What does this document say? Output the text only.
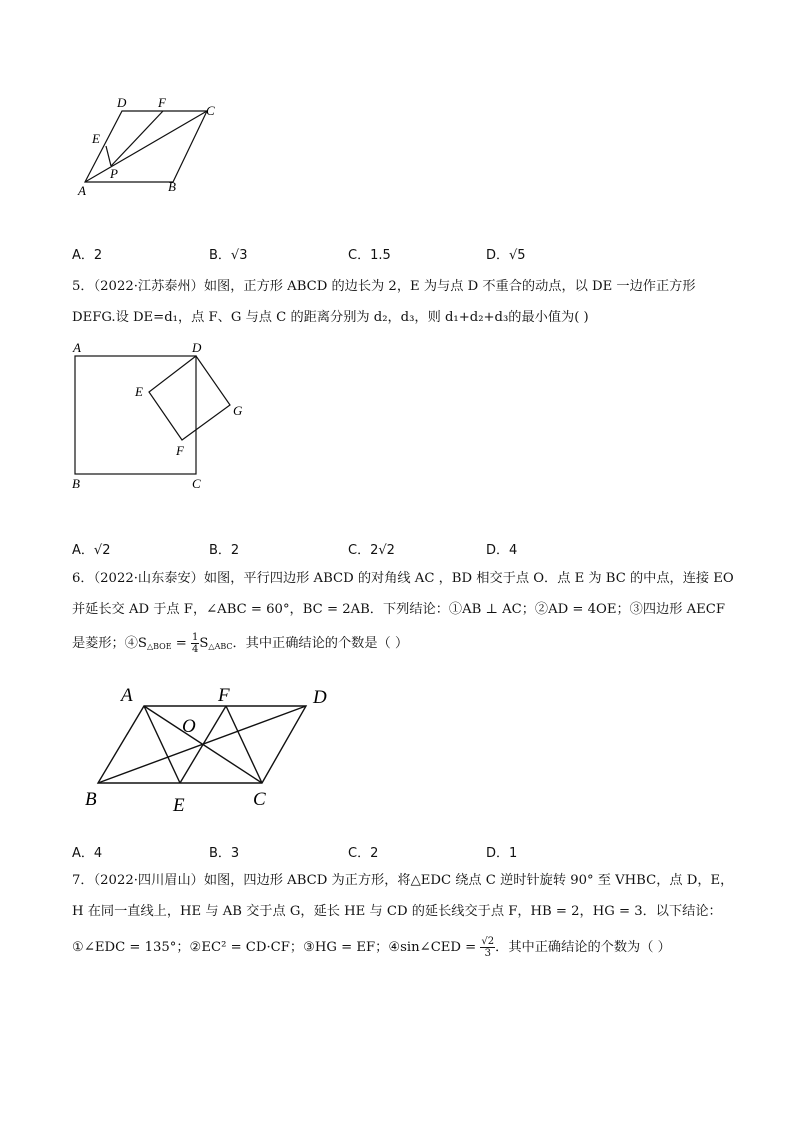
D F
C
E
P
A	B
A．2	B．√3	C．1.5	D．√5
5．（2022·江苏泰州）如图，正方形 ABCD 的边长为 2，E 为与点 D 不重合的动点，以 DE 一边作正方形
DEFG.设 DE=d₁，点 F、G 与点 C 的距离分别为 d₂，d₃，则 d₁+d₂+d₃的最小值为( )
A	D
E
G
F
B	C
A．√2	B．2	C．2√2	D．4
6．（2022·山东泰安）如图，平行四边形 ABCD 的对角线 AC ，BD 相交于点 O．点 E 为 BC 的中点，连接 EO
并延长交 AD 于点 F，∠ABC = 60°，BC = 2AB．下列结论：①AB ⊥ AC；②AD = 4OE；③四边形 AECF
是菱形；$④S_{\triangle BOE} = \frac{1}{4} S_{\triangle ABC}$．其中正确结论的个数是（ ）
A	F	D
O
B	E	C
A．4	B．3	C．2	D．1
7．（2022·四川眉山）如图，四边形 ABCD 为正方形，将△EDC 绕点 C 逆时针旋转 90° 至 VHBC，点 D，E，
H 在同一直线上，HE 与 AB 交于点 G，延长 HE 与 CD 的延长线交于点 F，HB = 2，HG = 3．以下结论：
①∠EDC = 135°；②EC² = CD·CF；③HG = EF；④sin∠CED = $\frac{√2}{3}$ ．其中正确结论的个数为（ ）
